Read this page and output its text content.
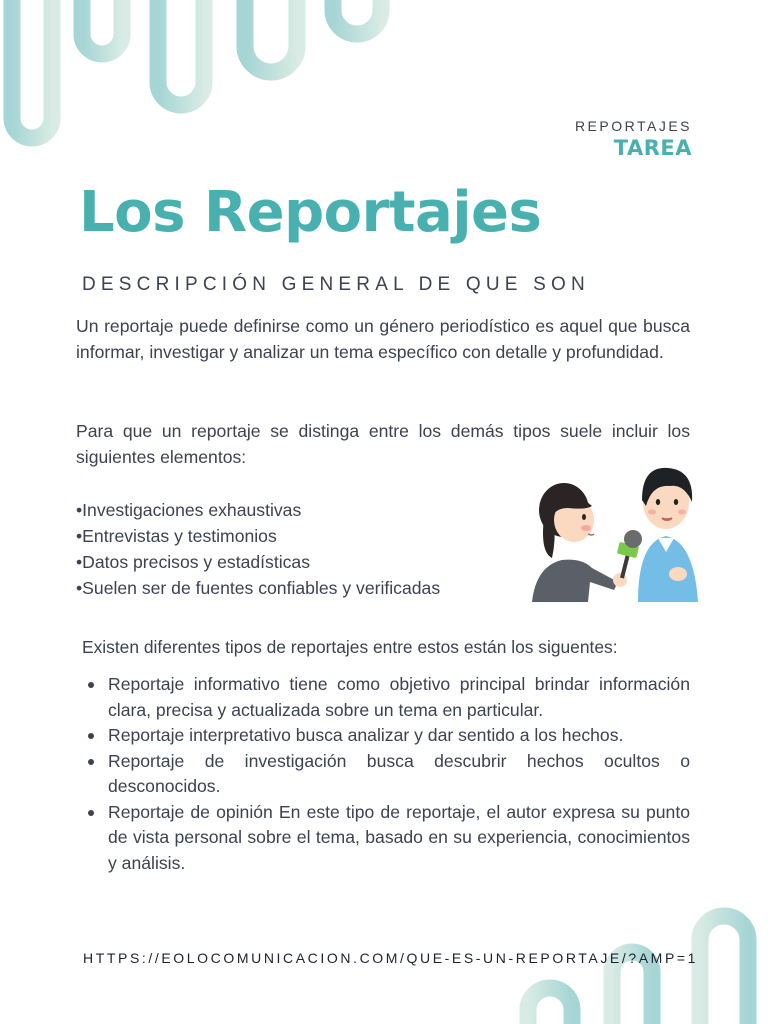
REPORTAJES
TAREA
Los Reportajes
DESCRIPCIÓN GENERAL DE QUE SON

Un reportaje puede definirse como un género periodístico es aquel que busca informar, investigar y analizar un tema específico con detalle y profundidad.

Para que un reportaje se distinga entre los demás tipos suele incluir los siguientes elementos:

• Investigaciones exhaustivas
• Entrevistas y testimonios
• Datos precisos y estadísticas
• Suelen ser de fuentes confiables y verificadas

Existen diferentes tipos de reportajes entre estos están los siguentes:

Reportaje informativo tiene como objetivo principal brindar información clara, precisa y actualizada sobre un tema en particular.
Reportaje interpretativo busca analizar y dar sentido a los hechos.
Reportaje de investigación busca descubrir hechos ocultos o desconocidos.
Reportaje de opinión En este tipo de reportaje, el autor expresa su punto de vista personal sobre el tema, basado en su experiencia, conocimientos y análisis.

HTTPS://EOLOCOMUNICACION.COM/QUE-ES-UN-REPORTAJE/?AMP=1
